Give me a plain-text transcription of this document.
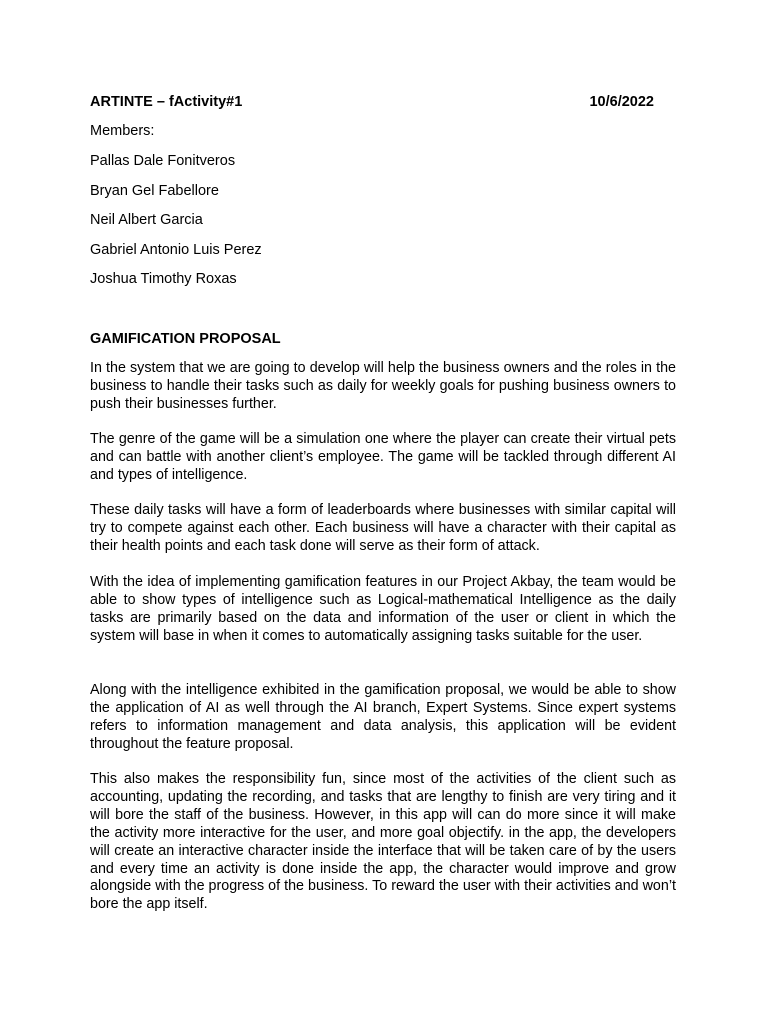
ARTINTE – fActivity#1	10/6/2022
Members:
Pallas Dale Fonitveros
Bryan Gel Fabellore
Neil Albert Garcia
Gabriel Antonio Luis Perez
Joshua Timothy Roxas
GAMIFICATION PROPOSAL

In the system that we are going to develop will help the business owners and the roles in the business to handle their tasks such as daily for weekly goals for pushing business owners to push their businesses further.

The genre of the game will be a simulation one where the player can create their virtual pets and can battle with another client’s employee. The game will be tackled through different AI and types of intelligence.

These daily tasks will have a form of leaderboards where businesses with similar capital will try to compete against each other. Each business will have a character with their capital as their health points and each task done will serve as their form of attack.

With the idea of implementing gamification features in our Project Akbay, the team would be able to show types of intelligence such as Logical-mathematical Intelligence as the daily tasks are primarily based on the data and information of the user or client in which the system will base in when it comes to automatically assigning tasks suitable for the user.

Along with the intelligence exhibited in the gamification proposal, we would be able to show the application of AI as well through the AI branch, Expert Systems. Since expert systems refers to information management and data analysis, this application will be evident throughout the feature proposal.

This also makes the responsibility fun, since most of the activities of the client such as accounting, updating the recording, and tasks that are lengthy to finish are very tiring and it will bore the staff of the business. However, in this app will can do more since it will make the activity more interactive for the user, and more goal objectify. in the app, the developers will create an interactive character inside the interface that will be taken care of by the users and every time an activity is done inside the app, the character would improve and grow alongside with the progress of the business. To reward the user with their activities and won’t bore the app itself.
